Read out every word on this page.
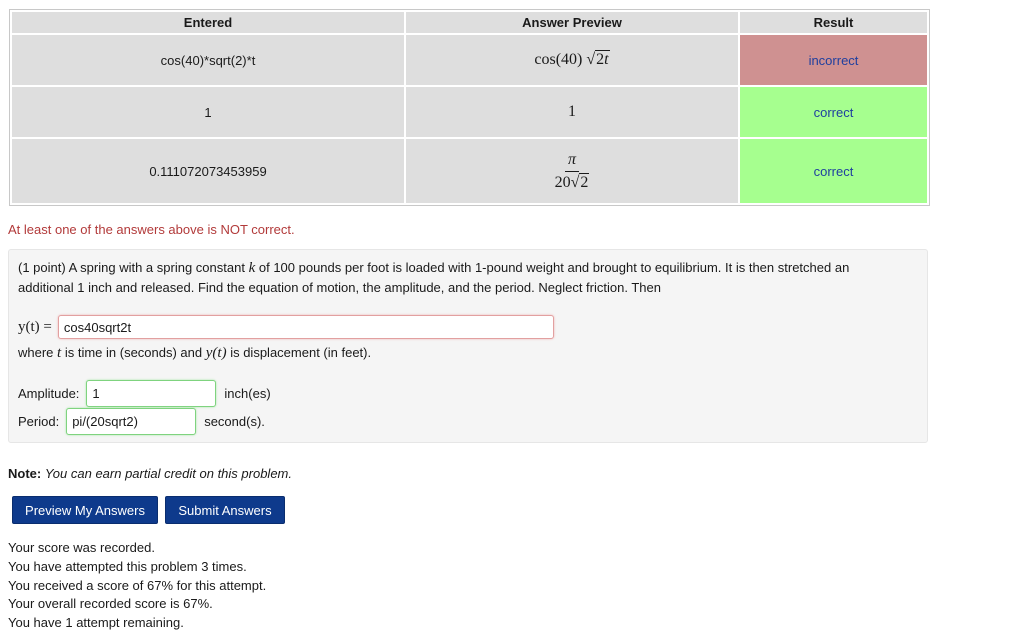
Entered	Answer Preview	Result
cos(40)*sqrt(2)*t	cos(40) √2t	incorrect
1	1	correct
0.111072073453959	$\frac{\pi}{20√2}$	correct
At least one of the answers above is NOT correct.
(1 point) A spring with a spring constant k of 100 pounds per foot is loaded with 1-pound weight and brought to equilibrium. It is then stretched an additional 1 inch and released. Find the equation of motion, the amplitude, and the period. Neglect friction. Then
y(t) = cos40sqrt2t
where t is time in (seconds) and y(t) is displacement (in feet).
Amplitude:	1	inch(es)
Period:	pi/(20sqrt2)	second(s).
Note: You can earn partial credit on this problem.
Preview My Answers	Submit Answers
Your score was recorded.
You have attempted this problem 3 times.
You received a score of 67% for this attempt.
Your overall recorded score is 67%.
You have 1 attempt remaining.
